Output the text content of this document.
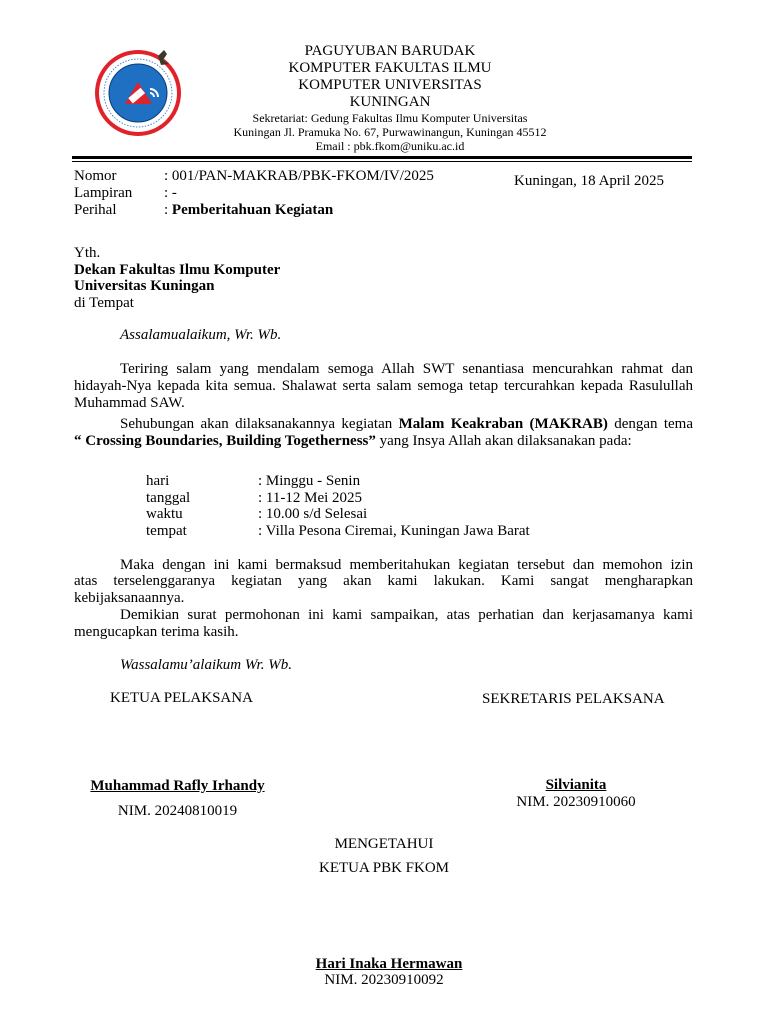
PAGUYUBAN BARUDAK
KOMPUTER FAKULTAS ILMU
KOMPUTER UNIVERSITAS
KUNINGAN
Sekretariat: Gedung Fakultas Ilmu Komputer Universitas
Kuningan Jl. Pramuka No. 67, Purwawinangun, Kuningan 45512
Email : pbk.fkom@uniku.ac.id
Nomor	: 001/PAN-MAKRAB/PBK-FKOM/IV/2025
Lampiran : -
Perihal	: Pemberitahuan Kegiatan
Kuningan, 18 April 2025
Yth.
Dekan Fakultas Ilmu Komputer
Universitas Kuningan
di Tempat
Assalamualaikum, Wr. Wb.
Teriring salam yang mendalam semoga Allah SWT senantiasa mencurahkan rahmat dan
hidayah-Nya kepada kita semua. Shalawat serta salam semoga tetap tercurahkan kepada Rasulullah
Muhammad SAW.
Sehubungan akan dilaksanakannya kegiatan Malam Keakraban (MAKRAB) dengan tema
“ Crossing Boundaries, Building Togetherness” yang Insya Allah akan dilaksanakan pada:
hari	: Minggu - Senin
tanggal	: 11-12 Mei 2025
waktu	: 10.00 s/d Selesai
tempat	: Villa Pesona Ciremai, Kuningan Jawa Barat
Maka dengan ini kami bermaksud memberitahukan kegiatan tersebut dan memohon izin
atas terselenggaranya kegiatan yang akan kami lakukan. Kami sangat mengharapkan
kebijaksanaannya.
Demikian surat permohonan ini kami sampaikan, atas perhatian dan kerjasamanya kami
mengucapkan terima kasih.
Wassalamu’alaikum Wr. Wb.
KETUA PELAKSANA	SEKRETARIS PELAKSANA
Muhammad Rafly Irhandy
NIM. 20240810019
Silvianita
NIM. 20230910060
MENGETAHUI
KETUA PBK FKOM
Hari Inaka Hermawan
NIM. 20230910092
